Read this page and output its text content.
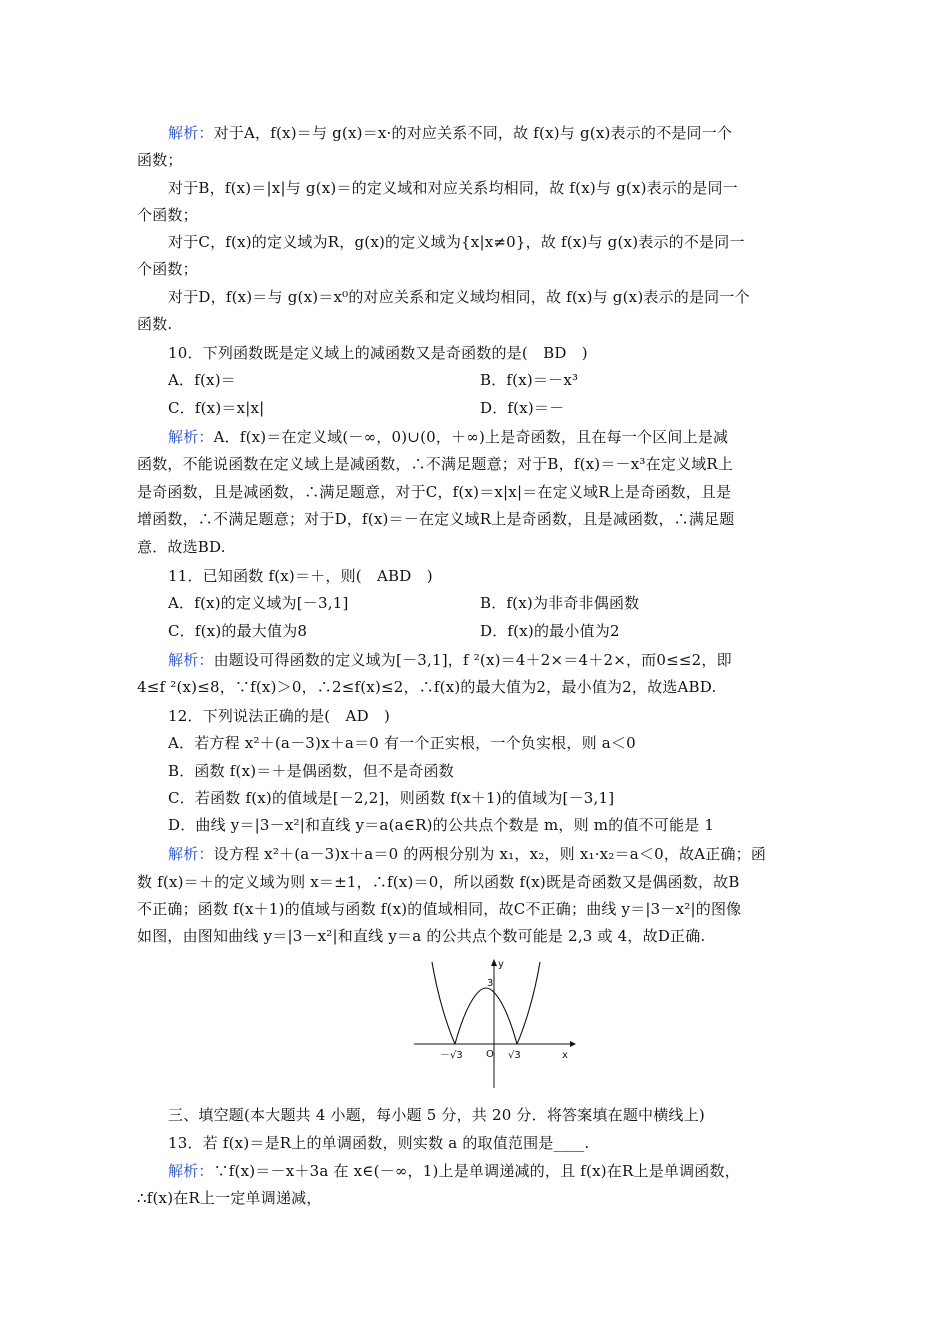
解析：对于A，f(x)＝与 g(x)＝x·的对应关系不同，故 f(x)与 g(x)表示的不是同一个
函数；
对于B，f(x)＝|x|与 g(x)＝的定义域和对应关系均相同，故 f(x)与 g(x)表示的是同一
个函数；
对于C，f(x)的定义域为R，g(x)的定义域为{x|x≠0}，故 f(x)与 g(x)表示的不是同一
个函数；
对于D，f(x)＝与 g(x)＝x⁰的对应关系和定义域均相同，故 f(x)与 g(x)表示的是同一个
函数.
10．下列函数既是定义域上的减函数又是奇函数的是(　BD　)
A．f(x)＝	B．f(x)＝－x³
C．f(x)＝x|x|	D．f(x)＝－
解析：A．f(x)＝在定义域(－∞，0)∪(0，＋∞)上是奇函数，且在每一个区间上是减
函数，不能说函数在定义域上是减函数，∴不满足题意；对于B，f(x)＝－x³在定义域R上
是奇函数，且是减函数，∴满足题意，对于C，f(x)＝x|x|＝在定义域R上是奇函数，且是
增函数，∴不满足题意；对于D，f(x)＝－在定义域R上是奇函数，且是减函数，∴满足题
意．故选BD.
11．已知函数 f(x)＝＋，则(　ABD　)
A．f(x)的定义域为[－3,1]	B．f(x)为非奇非偶函数
C．f(x)的最大值为8	D．f(x)的最小值为2
解析：由题设可得函数的定义域为[－3,1]，f ²(x)＝4＋2×＝4＋2×，而0≤≤2，即
4≤f ²(x)≤8，∵f(x)＞0，∴2≤f(x)≤2，∴f(x)的最大值为2，最小值为2，故选ABD.
12．下列说法正确的是(　AD　)
A．若方程 x²＋(a－3)x＋a＝0 有一个正实根，一个负实根，则 a＜0
B．函数 f(x)＝＋是偶函数，但不是奇函数
C．若函数 f(x)的值域是[－2,2]，则函数 f(x＋1)的值域为[－3,1]
D．曲线 y＝|3－x²|和直线 y＝a(a∈R)的公共点个数是 m，则 m的值不可能是 1
解析：设方程 x²＋(a－3)x＋a＝0 的两根分别为 x₁，x₂，则 x₁·x₂＝a＜0，故A正确；函
数 f(x)＝＋的定义域为则 x＝±1，∴f(x)＝0，所以函数 f(x)既是奇函数又是偶函数，故B
不正确；函数 f(x＋1)的值域与函数 f(x)的值域相同，故C不正确；曲线 y＝|3－x²|的图像
如图，由图知曲线 y＝|3－x²|和直线 y＝a 的公共点个数可能是 2,3 或 4，故D正确.
y
x
O
3
－√3	√3
三、填空题(本大题共 4 小题，每小题 5 分，共 20 分．将答案填在题中横线上)
13．若 f(x)＝是R上的单调函数，则实数 a 的取值范围是____.
解析：∵f(x)＝－x＋3a 在 x∈(－∞，1)上是单调递减的，且 f(x)在R上是单调函数，
∴f(x)在R上一定单调递减，
